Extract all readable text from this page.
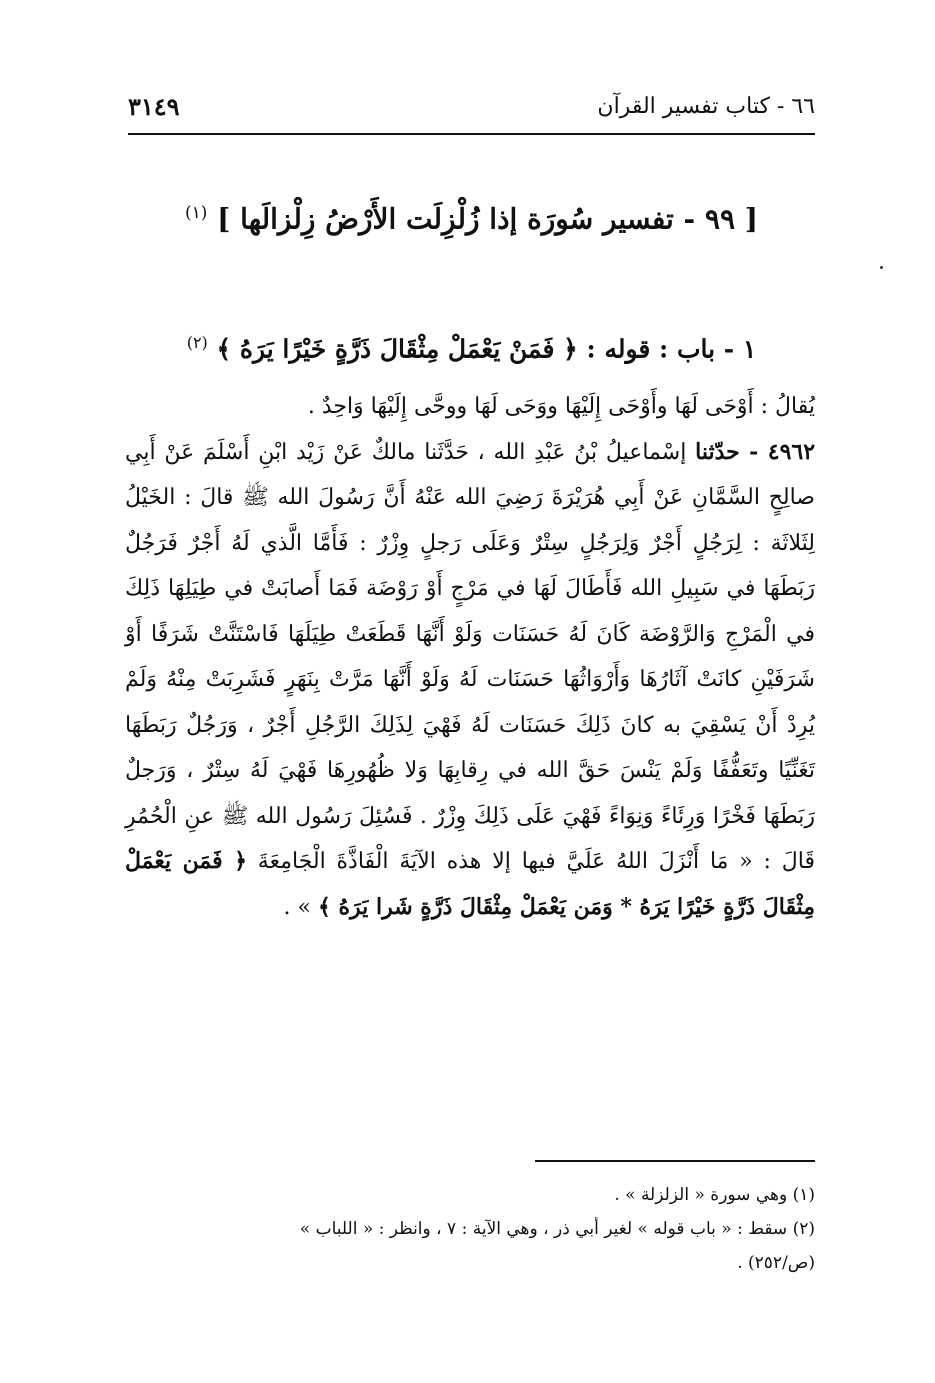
٦٦ - كتاب تفسير القرآن
٣١٤٩
[ ٩٩ - تفسير سُورَة إذا زُلْزِلَت الأَرْضُ زِلْزالَها ] $^{(١)}$
١ - باب : قوله : ﴿ فَمَنْ يَعْمَلْ مِثْقَالَ ذَرَّةٍ خَيْرًا يَرَهُ ﴾ $^{(٢)}$

يُقالُ : أَوْحَى لَهَا وأَوْحَى إِلَيْهَا ووَحَى لَهَا ووحَّى إِلَيْهَا وَاحِدٌ .

٤٩٦٢ - حدّثنا إسْماعيلُ بْنُ عَبْدِ الله ، حَدَّثَنا مالكٌ عَنْ زَيْد ابْنِ أَسْلَمَ عَنْ أَبِي صالِحٍ السَّمَّانِ عَنْ أَبِي هُرَيْرَةَ رَضِيَ الله عَنْهُ أَنَّ رَسُولَ الله ﷺ قالَ : الخَيْلُ لِثَلاثَة : لِرَجُلٍ أَجْرٌ وَلِرَجُلٍ سِتْرٌ وَعَلَى رَجلٍ وِزْرٌ : فَأَمَّا الَّذي لَهُ أَجْرٌ فَرَجُلٌ رَبَطَهَا في سَبِيلِ الله فَأَطَالَ لَهَا في مَرْجٍ أَوْ رَوْضَة فَمَا أَصابَتْ في طِيَلِهَا ذَلِكَ في الْمَرْجِ وَالرَّوْضَة كَانَ لَهُ حَسَنَات وَلَوْ أَنَّهَا قَطَعَتْ طِيَلَهَا فَاسْتَنَّتْ شَرَفًا أَوْ شَرَفَيْنِ كانَتْ آثَارُهَا وَأَرْوَاثُهَا حَسَنَات لَهُ وَلَوْ أَنَّهَا مَرَّتْ بِنَهَرٍ فَشَرِبَتْ مِنْهُ وَلَمْ يُرِدْ أَنْ يَسْقِيَ به كانَ ذَلِكَ حَسَنَات لَهُ فَهْيَ لِذَلِكَ الرَّجُلِ أَجْرٌ ، وَرَجُلٌ رَبَطَهَا تَغَنِّيًا وتَعَفُّفًا وَلَمْ يَنْسَ حَقَّ الله في رِقابِهَا وَلا ظُهُورِهَا فَهْيَ لَهُ سِتْرٌ ، وَرَجلٌ رَبَطَهَا فَخْرًا وَرِئَاءً وَنِوَاءً فَهْيَ عَلَى ذَلِكَ وِزْرٌ . فَسُئِلَ رَسُول الله ﷺ عنِ الْحُمُرِ قَالَ : « مَا أَنْزَلَ اللهُ عَلَيَّ فيها إلا هذه الآيَةَ الْفَاذَّةَ الْجَامِعَةَ ﴿ فَمَن يَعْمَلْ مِثْقَالَ ذَرَّةٍ خَيْرًا يَرَهُ * وَمَن يَعْمَلْ مِثْقَالَ ذَرَّةٍ شَرا يَرَهُ ﴾ » .

(١) وهي سورة « الزلزلة » .

(٢) سقط : « باب قوله » لغير أبي ذر ، وهي الآية : ٧ ، وانظر : « اللباب »

(ص/٢٥٢) .
